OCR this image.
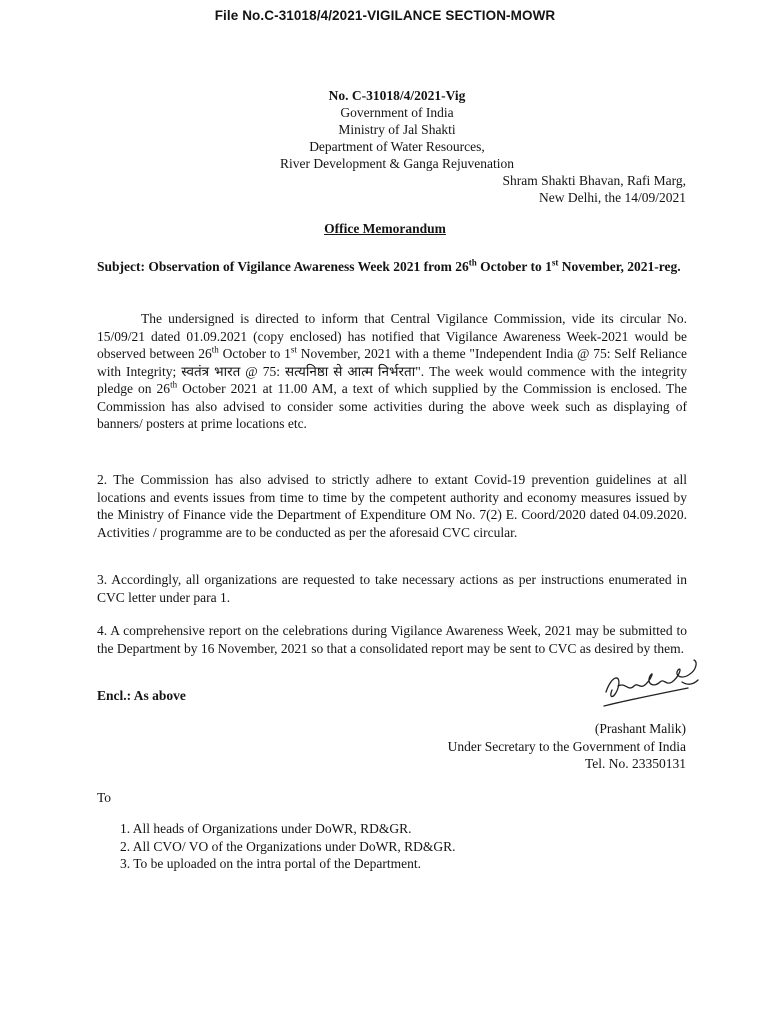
File No.C-31018/4/2021-VIGILANCE SECTION-MOWR
No. C-31018/4/2021-Vig
Government of India
Ministry of Jal Shakti
Department of Water Resources,
River Development & Ganga Rejuvenation
Shram Shakti Bhavan, Rafi Marg,
New Delhi, the 14/09/2021
Office Memorandum
Subject: Observation of Vigilance Awareness Week 2021 from 26th October to 1st November, 2021-reg.
The undersigned is directed to inform that Central Vigilance Commission, vide its circular No. 15/09/21 dated 01.09.2021 (copy enclosed) has notified that Vigilance Awareness Week-2021 would be observed between 26th October to 1st November, 2021 with a theme "Independent India @ 75: Self Reliance with Integrity; स्वतंत्र भारत @ 75: सत्यनिष्ठा से आत्म निर्भरता". The week would commence with the integrity pledge on 26th October 2021 at 11.00 AM, a text of which supplied by the Commission is enclosed. The Commission has also advised to consider some activities during the above week such as displaying of banners/ posters at prime locations etc.
2. The Commission has also advised to strictly adhere to extant Covid-19 prevention guidelines at all locations and events issues from time to time by the competent authority and economy measures issued by the Ministry of Finance vide the Department of Expenditure OM No. 7(2) E. Coord/2020 dated 04.09.2020. Activities / programme are to be conducted as per the aforesaid CVC circular.
3. Accordingly, all organizations are requested to take necessary actions as per instructions enumerated in CVC letter under para 1.
4. A comprehensive report on the celebrations during Vigilance Awareness Week, 2021 may be submitted to the Department by 16 November, 2021 so that a consolidated report may be sent to CVC as desired by them.
Encl.: As above
(Prashant Malik)
Under Secretary to the Government of India
Tel. No. 23350131
To
1. All heads of Organizations under DoWR, RD&GR.
2. All CVO/ VO of the Organizations under DoWR, RD&GR.
3. To be uploaded on the intra portal of the Department.
